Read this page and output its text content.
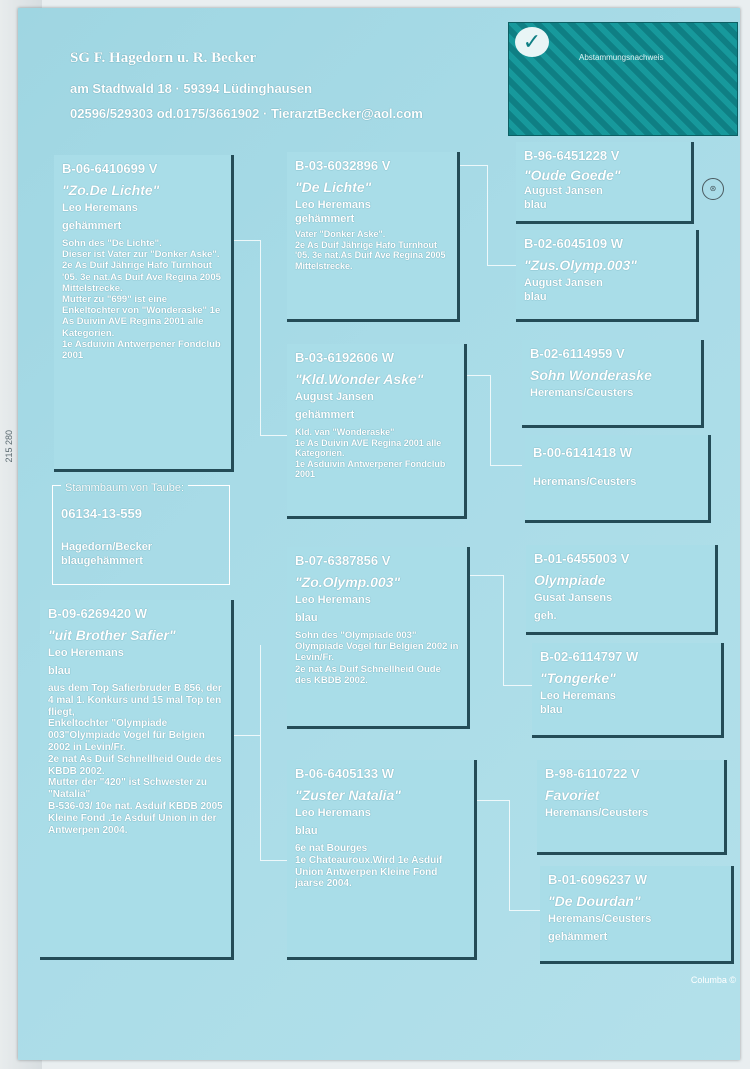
215 280
SG F. Hagedorn u. R. Becker
am Stadtwald 18 · 59394 Lüdinghausen
02596/529303 od.0175/3661902 · TierarztBecker@aol.com
✓
Abstammungsnachweis
⊛
B-06-6410699 V
"Zo.De Lichte"
Leo Heremans
gehämmert
Sohn des "De Lichte".
Dieser ist Vater zur "Donker Aske".
2e As Duif Jährige Hafo Turnhout '05. 3e nat.As Duif Ave Regina 2005 Mittelstrecke.
Mutter zu "699" ist eine Enkeltochter von "Wonderaske" 1e As Duivin AVE Regina 2001 alle Kategorien.
1e Asduivin Antwerpener Fondclub 2001
Stammbaum von Taube:
06134-13-559
Hagedorn/Becker
blaugehämmert
B-09-6269420 W
"uit Brother Safier"
Leo Heremans
blau
aus dem Top Safierbruder B 856, der 4 mal 1. Konkurs und 15 mal Top ten fliegt,
Enkeltochter "Olympiade 003"Olympiade Vogel für Belgien 2002 in Levin/Fr.
2e nat As Duif Schnellheid Oude des KBDB 2002.
Mutter der "420" ist Schwester zu "Natalia"
B-536-03/ 10e nat. Asduif KBDB 2005 Kleine Fond .1e Asduif Union in der Antwerpen 2004.
B-03-6032896 V
"De Lichte"
Leo Heremans
gehämmert
Vater "Donker Aske".
2e As Duif Jährige Hafo Turnhout '05. 3e nat.As Duif Ave Regina 2005 Mittelstrecke.
B-03-6192606 W
"Kld.Wonder Aske"
August Jansen
gehämmert
Kld. van "Wonderaske"
1e As Duivin AVE Regina 2001 alle Kategorien.
1e Asduivin Antwerpener Fondclub 2001
B-07-6387856 V
"Zo.Olymp.003"
Leo Heremans
blau
Sohn des "Olympiade 003" Olympiade Vogel für Belgien 2002 in Levin/Fr.
2e nat As Duif Schnellheid Oude des KBDB 2002.
B-06-6405133 W
"Zuster Natalia"
Leo Heremans
blau
6e nat Bourges
1e Chateauroux.Wird 1e Asduif Union Antwerpen Kleine Fond jaarse 2004.
B-96-6451228 V
"Oude Goede"
August Jansen
blau
B-02-6045109 W
"Zus.Olymp.003"
August Jansen
blau
B-02-6114959 V
Sohn Wonderaske
Heremans/Ceusters
B-00-6141418 W
Heremans/Ceusters
B-01-6455003 V
Olympiade
Gusat Jansens
geh.
B-02-6114797 W
"Tongerke"
Leo Heremans
blau
B-98-6110722 V
Favoriet
Heremans/Ceusters
B-01-6096237 W
"De Dourdan"
Heremans/Ceusters
gehämmert
Columba ©
